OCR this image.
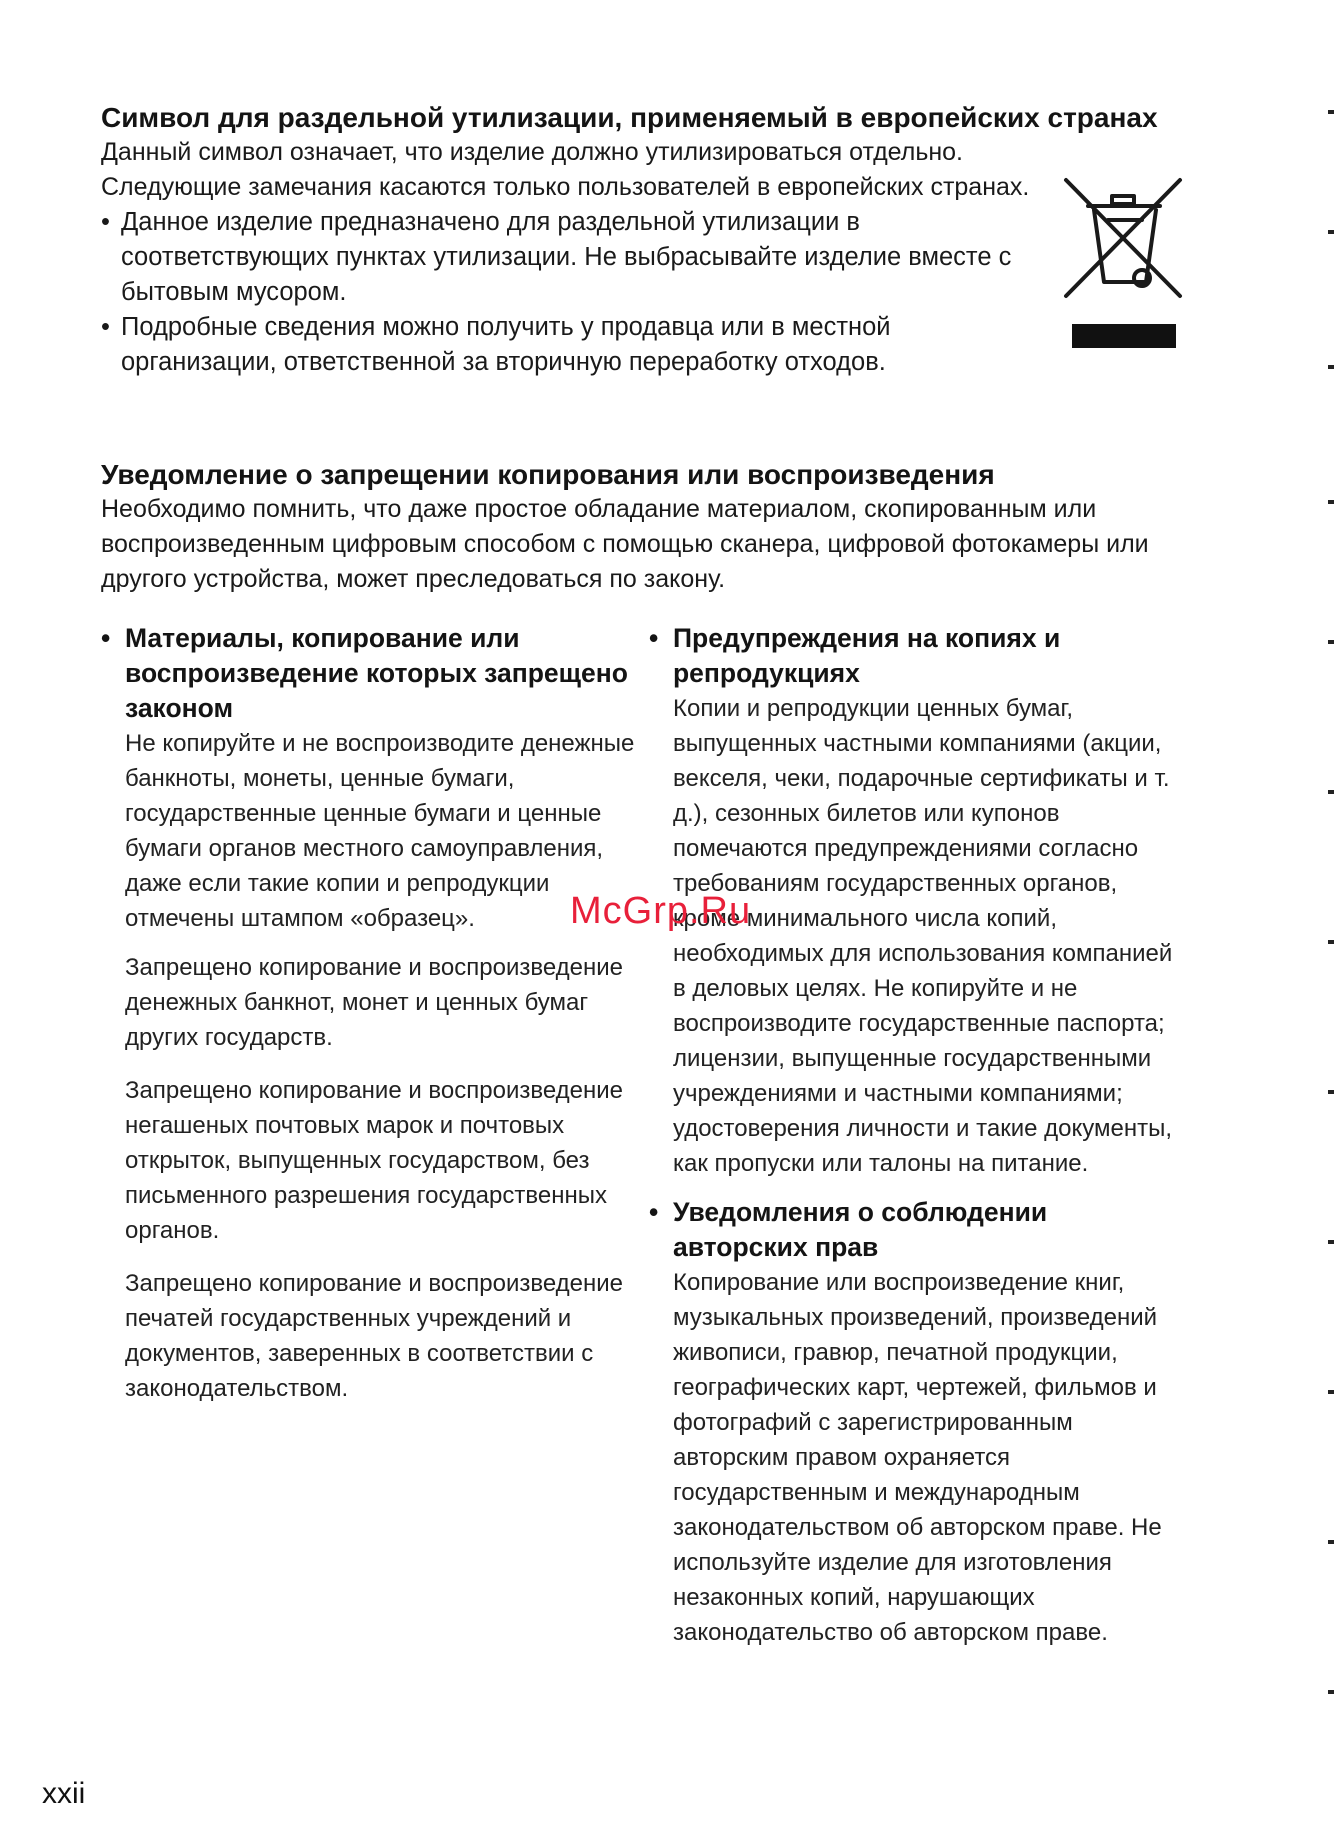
Символ для раздельной утилизации, применяемый в европейских странах

Данный символ означает, что изделие должно утилизироваться отдельно. Следующие замечания касаются только пользователей в европейских странах.

• Данное изделие предназначено для раздельной утилизации в соответствующих пунктах утилизации. Не выбрасывайте изделие вместе с бытовым мусором.

• Подробные сведения можно получить у продавца или в местной организации, ответственной за вторичную переработку отходов.

Уведомление о запрещении копирования или воспроизведения

Необходимо помнить, что даже простое обладание материалом, скопированным или воспроизведенным цифровым способом с помощью сканера, цифровой фотокамеры или другого устройства, может преследоваться по закону.

• Материалы, копирование или воспроизведение которых запрещено законом

Не копируйте и не воспроизводите денежные банкноты, монеты, ценные бумаги, государственные ценные бумаги и ценные бумаги органов местного самоуправления, даже если такие копии и репродукции отмечены штампом «образец».

Запрещено копирование и воспроизведение денежных банкнот, монет и ценных бумаг других государств.

Запрещено копирование и воспроизведение негашеных почтовых марок и почтовых открыток, выпущенных государством, без письменного разрешения государственных органов.

Запрещено копирование и воспроизведение печатей государственных учреждений и документов, заверенных в соответствии с законодательством.

• Предупреждения на копиях и репродукциях

Копии и репродукции ценных бумаг, выпущенных частными компаниями (акции, векселя, чеки, подарочные сертификаты и т. д.), сезонных билетов или купонов помечаются предупреждениями согласно требованиям государственных органов, кроме минимального числа копий, необходимых для использования компанией в деловых целях. Не копируйте и не воспроизводите государственные паспорта; лицензии, выпущенные государственными учреждениями и частными компаниями; удостоверения личности и такие документы, как пропуски или талоны на питание.

• Уведомления о соблюдении авторских прав

Копирование или воспроизведение книг, музыкальных произведений, произведений живописи, гравюр, печатной продукции, географических карт, чертежей, фильмов и фотографий с зарегистрированным авторским правом охраняется государственным и международным законодательством об авторском праве. Не используйте изделие для изготовления незаконных копий, нарушающих законодательство об авторском праве.

McGrp.Ru
xxii
